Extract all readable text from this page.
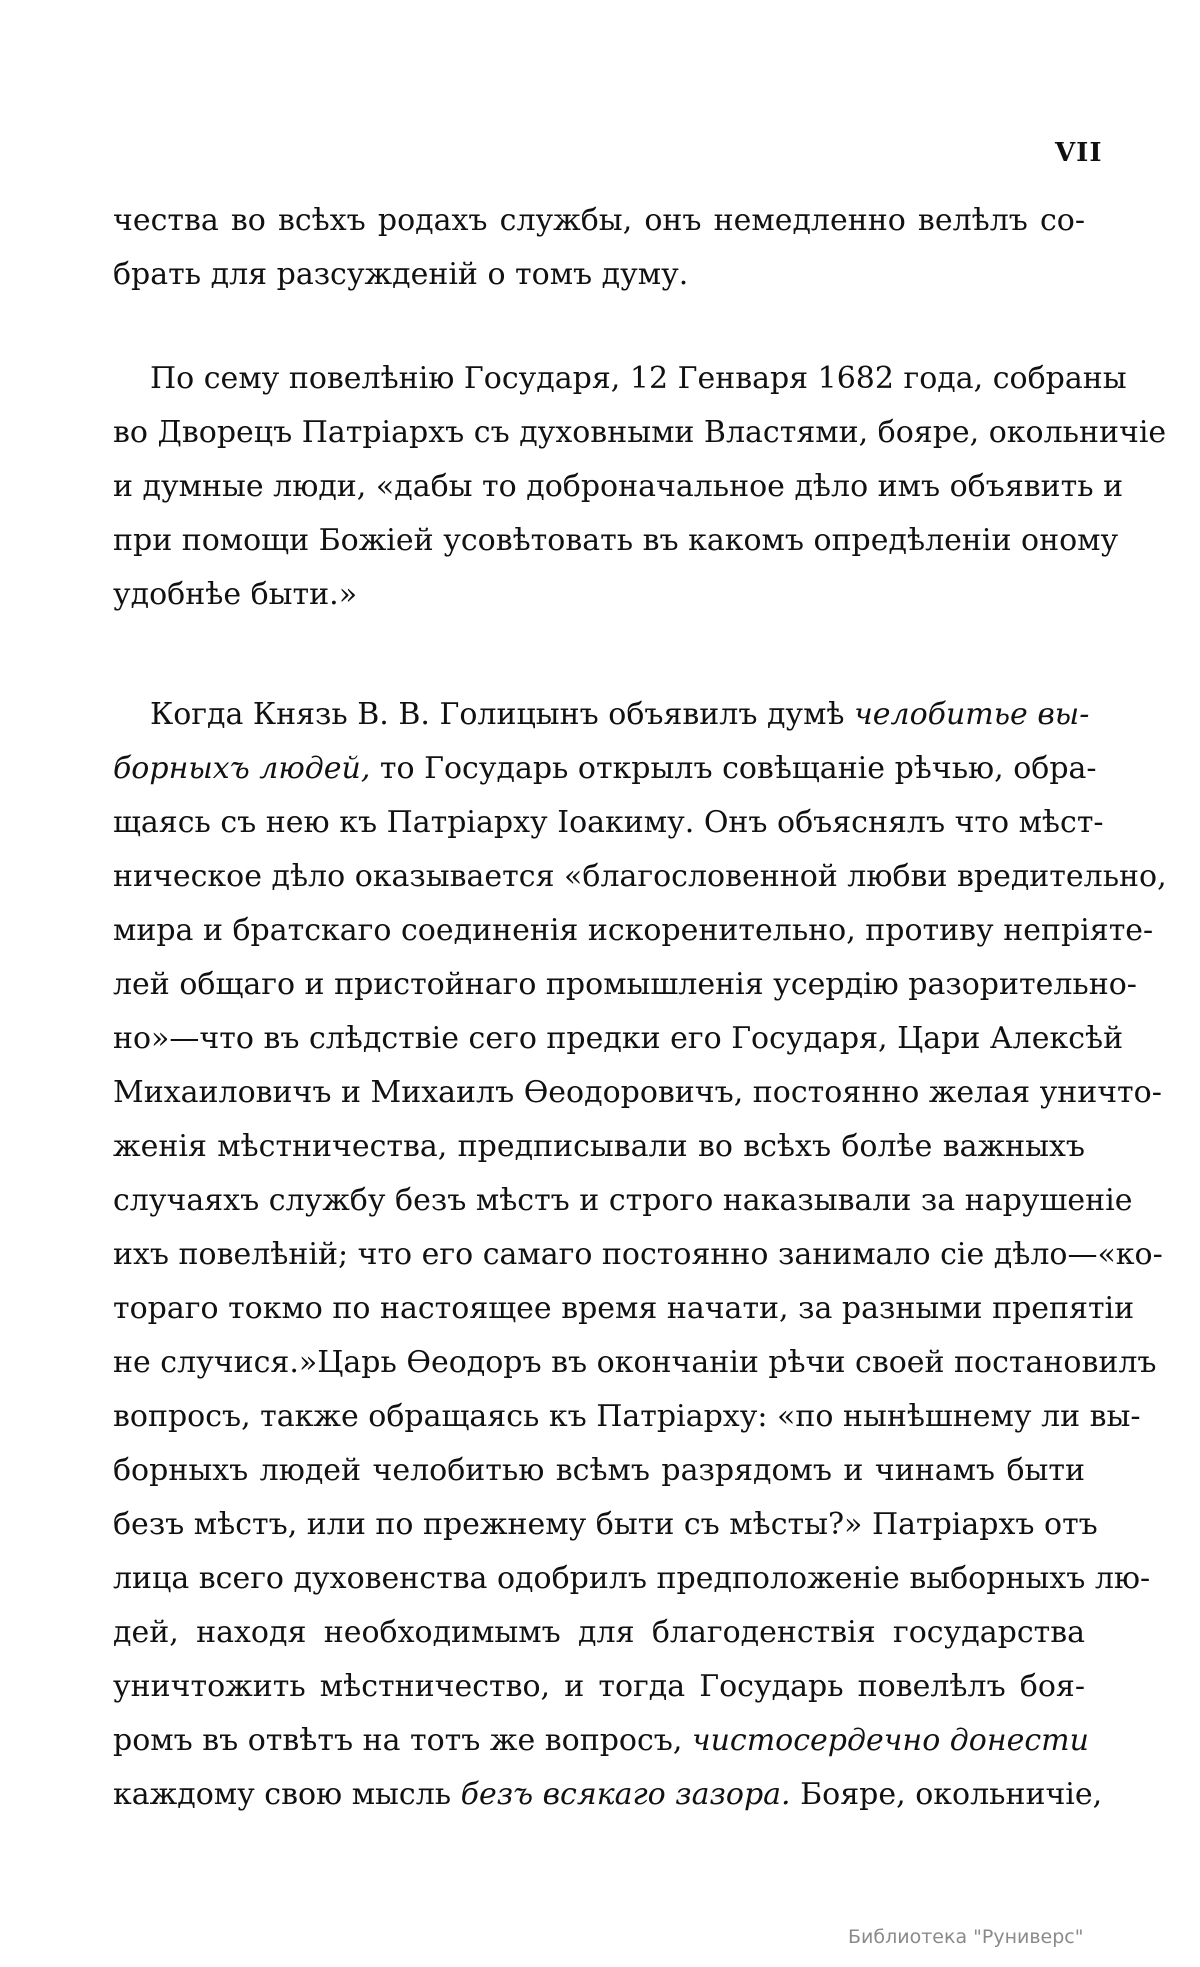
VII
чества во всѣхъ родахъ службы, онъ немедленно велѣлъ со-
брать для разсужденій о томъ думу.
По сему повелѣнію Государя, 12 Генваря 1682 года, собраны
во Дворецъ Патріархъ съ духовными Властями, бояре, окольничіе
и думные люди, «дабы то доброначальное дѣло имъ объявить и
при помощи Божіей усовѣтовать въ какомъ опредѣленіи оному
удобнѣе быти.»
Когда Князь В. В. Голицынъ объявилъ думѣ челобитье вы-
борныхъ людей, то Государь открылъ совѣщаніе рѣчью, обра-
щаясь съ нею къ Патріарху Іоакиму. Онъ объяснялъ что мѣст-
ническое дѣло оказывается «благословенной любви вредительно,
мира и братскаго соединенія искоренительно, противу непріяте-
лей общаго и пристойнаго промышленія усердію разорительно-
но»—что въ слѣдствіе сего предки его Государя, Цари Алексѣй
Михаиловичъ и Михаилъ Ѳеодоровичъ, постоянно желая уничто-
женія мѣстничества, предписывали во всѣхъ болѣе важныхъ
случаяхъ службу безъ мѣстъ и строго наказывали за нарушеніе
ихъ повелѣній; что его самаго постоянно занимало сіе дѣло—«ко-
тораго токмо по настоящее время начати, за разными препятіи
не случися.»Царь Ѳеодоръ въ окончаніи рѣчи своей постановилъ
вопросъ, также обращаясь къ Патріарху: «по нынѣшнему ли вы-
борныхъ людей челобитью всѣмъ разрядомъ и чинамъ быти
безъ мѣстъ, или по прежнему быти съ мѣсты?» Патріархъ отъ
лица всего духовенства одобрилъ предположеніе выборныхъ лю-
дей, находя необходимымъ для благоденствія государства
уничтожить мѣстничество, и тогда Государь повелѣлъ боя-
ромъ въ отвѣтъ на тотъ же вопросъ, чистосердечно донести
каждому свою мысль безъ всякаго зазора. Бояре, окольничіе,
Библиотека "Руниверс"
